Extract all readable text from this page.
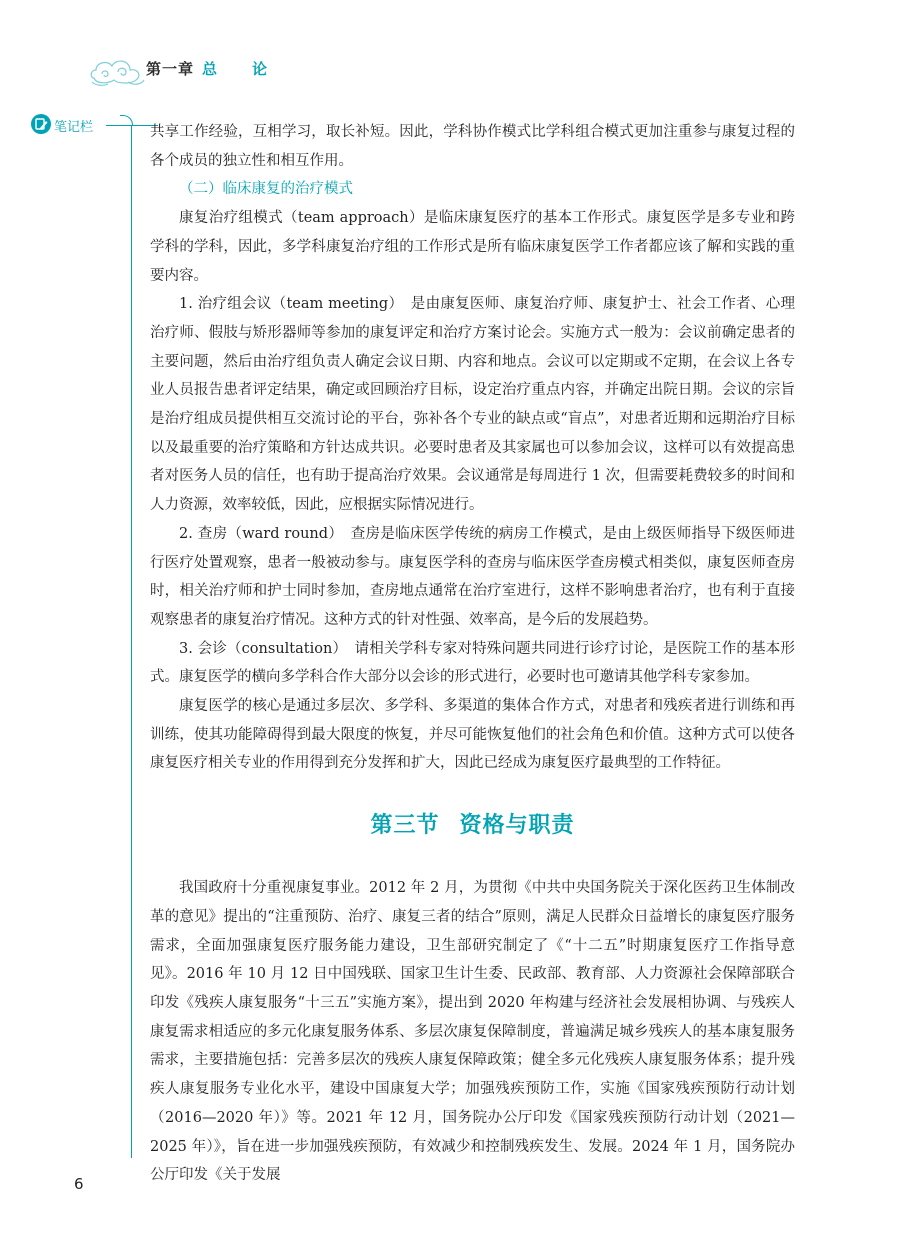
第一章 总　论
笔记栏	共享工作经验，互相学习，取长补短。因此，学科协作模式比学科组合模式更加注重参与康复过程的各个成员的独立性和相互作用。

（二）临床康复的治疗模式

康复治疗组模式（team approach）是临床康复医疗的基本工作形式。康复医学是多专业和跨学科的学科，因此，多学科康复治疗组的工作形式是所有临床康复医学工作者都应该了解和实践的重要内容。

1. 治疗组会议（team meeting）　是由康复医师、康复治疗师、康复护士、社会工作者、心理治疗师、假肢与矫形器师等参加的康复评定和治疗方案讨论会。实施方式一般为：会议前确定患者的主要问题，然后由治疗组负责人确定会议日期、内容和地点。会议可以定期或不定期，在会议上各专业人员报告患者评定结果，确定或回顾治疗目标，设定治疗重点内容，并确定出院日期。会议的宗旨是治疗组成员提供相互交流讨论的平台，弥补各个专业的缺点或“盲点”，对患者近期和远期治疗目标以及最重要的治疗策略和方针达成共识。必要时患者及其家属也可以参加会议，这样可以有效提高患者对医务人员的信任，也有助于提高治疗效果。会议通常是每周进行 1 次，但需要耗费较多的时间和人力资源，效率较低，因此，应根据实际情况进行。

2. 查房（ward round）　查房是临床医学传统的病房工作模式，是由上级医师指导下级医师进行医疗处置观察，患者一般被动参与。康复医学科的查房与临床医学查房模式相类似，康复医师查房时，相关治疗师和护士同时参加，查房地点通常在治疗室进行，这样不影响患者治疗，也有利于直接观察患者的康复治疗情况。这种方式的针对性强、效率高，是今后的发展趋势。

3. 会诊（consultation）　请相关学科专家对特殊问题共同进行诊疗讨论，是医院工作的基本形式。康复医学的横向多学科合作大部分以会诊的形式进行，必要时也可邀请其他学科专家参加。

康复医学的核心是通过多层次、多学科、多渠道的集体合作方式，对患者和残疾者进行训练和再训练，使其功能障碍得到最大限度的恢复，并尽可能恢复他们的社会角色和价值。这种方式可以使各康复医疗相关专业的作用得到充分发挥和扩大，因此已经成为康复医疗最典型的工作特征。

第三节 资格与职责

我国政府十分重视康复事业。2012 年 2 月，为贯彻《中共中央国务院关于深化医药卫生体制改革的意见》提出的“注重预防、治疗、康复三者的结合”原则，满足人民群众日益增长的康复医疗服务需求，全面加强康复医疗服务能力建设，卫生部研究制定了《“十二五”时期康复医疗工作指导意见》。2016 年 10 月 12 日中国残联、国家卫生计生委、民政部、教育部、人力资源社会保障部联合印发《残疾人康复服务“十三五”实施方案》，提出到 2020 年构建与经济社会发展相协调、与残疾人康复需求相适应的多元化康复服务体系、多层次康复保障制度，普遍满足城乡残疾人的基本康复服务需求，主要措施包括：完善多层次的残疾人康复保障政策；健全多元化残疾人康复服务体系；提升残疾人康复服务专业化水平，建设中国康复大学；加强残疾预防工作，实施《国家残疾预防行动计划（2016—2020 年）》等。2021 年 12 月，国务院办公厅印发《国家残疾预防行动计划（2021—2025 年）》，旨在进一步加强残疾预防，有效减少和控制残疾发生、发展。2024 年 1 月，国务院办公厅印发《关于发展

6
